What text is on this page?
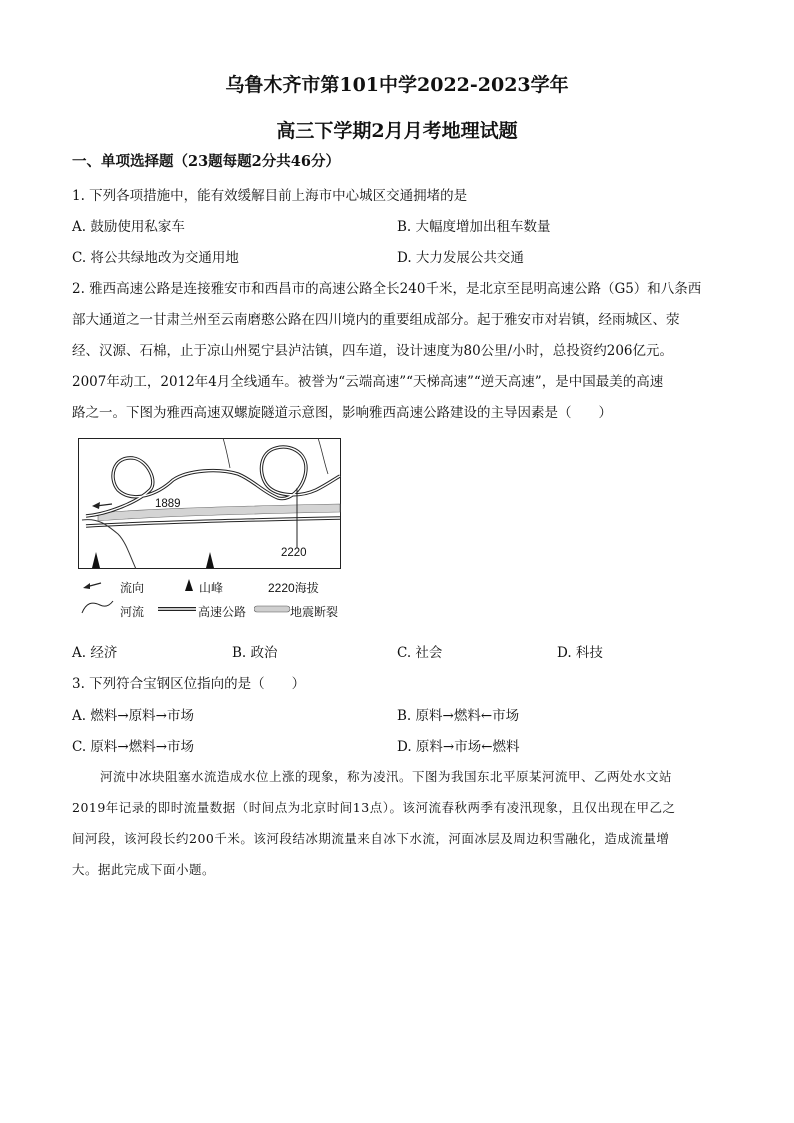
乌鲁木齐市第101中学2022-2023学年
高三下学期2月月考地理试题
一、单项选择题（23题每题2分共46分）
1. 下列各项措施中，能有效缓解目前上海市中心城区交通拥堵的是
A. 鼓励使用私家车	B. 大幅度增加出租车数量
C. 将公共绿地改为交通用地	D. 大力发展公共交通
2. 雅西高速公路是连接雅安市和西昌市的高速公路全长240千米，是北京至昆明高速公路（G5）和八条西
部大通道之一甘肃兰州至云南磨憨公路在四川境内的重要组成部分。起于雅安市对岩镇，经雨城区、荥
经、汉源、石棉，止于凉山州冕宁县泸沽镇，四车道，设计速度为80公里/小时，总投资约206亿元。
2007年动工，2012年4月全线通车。被誉为“云端高速”“天梯高速”“逆天高速”，是中国最美的高速
路之一。下图为雅西高速双螺旋隧道示意图，影响雅西高速公路建设的主导因素是（　　）
1889
2220
流向	山峰	2220海拔
河流	高速公路	地震断裂
A. 经济	B. 政治	C. 社会	D. 科技
3. 下列符合宝钢区位指向的是（　　）
A. 燃料→原料→市场	B. 原料→燃料←市场
C. 原料→燃料→市场	D. 原料→市场←燃料
河流中冰块阻塞水流造成水位上涨的现象，称为凌汛。下图为我国东北平原某河流甲、乙两处水文站
2019年记录的即时流量数据（时间点为北京时间13点）。该河流春秋两季有凌汛现象，且仅出现在甲乙之
间河段，该河段长约200千米。该河段结冰期流量来自冰下水流，河面冰层及周边积雪融化，造成流量增
大。据此完成下面小题。
